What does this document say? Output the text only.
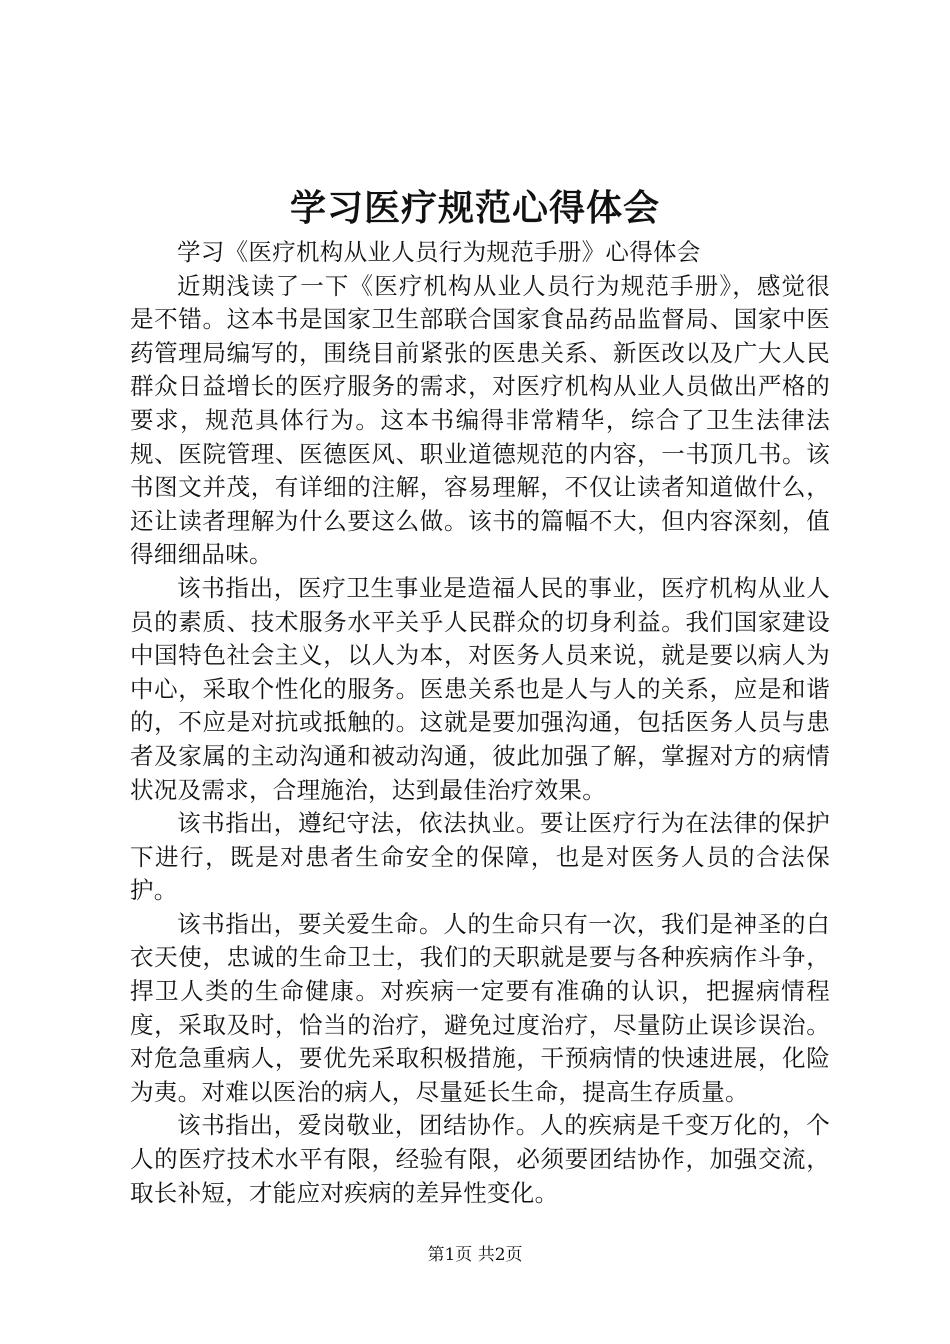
学习医疗规范心得体会

学习《医疗机构从业人员行为规范手册》心得体会

近期浅读了一下《医疗机构从业人员行为规范手册》，感觉很是不错。这本书是国家卫生部联合国家食品药品监督局、国家中医药管理局编写的，围绕目前紧张的医患关系、新医改以及广大人民群众日益增长的医疗服务的需求，对医疗机构从业人员做出严格的要求，规范具体行为。这本书编得非常精华，综合了卫生法律法规、医院管理、医德医风、职业道德规范的内容，一书顶几书。该书图文并茂，有详细的注解，容易理解，不仅让读者知道做什么，还让读者理解为什么要这么做。该书的篇幅不大，但内容深刻，值得细细品味。

该书指出，医疗卫生事业是造福人民的事业，医疗机构从业人员的素质、技术服务水平关乎人民群众的切身利益。我们国家建设中国特色社会主义，以人为本，对医务人员来说，就是要以病人为中心，采取个性化的服务。医患关系也是人与人的关系，应是和谐的，不应是对抗或抵触的。这就是要加强沟通，包括医务人员与患者及家属的主动沟通和被动沟通，彼此加强了解，掌握对方的病情状况及需求，合理施治，达到最佳治疗效果。

该书指出，遵纪守法，依法执业。要让医疗行为在法律的保护下进行，既是对患者生命安全的保障，也是对医务人员的合法保护。

该书指出，要关爱生命。人的生命只有一次，我们是神圣的白衣天使，忠诚的生命卫士，我们的天职就是要与各种疾病作斗争，捍卫人类的生命健康。对疾病一定要有准确的认识，把握病情程度，采取及时，恰当的治疗，避免过度治疗，尽量防止误诊误治。对危急重病人，要优先采取积极措施，干预病情的快速进展，化险为夷。对难以医治的病人，尽量延长生命，提高生存质量。

该书指出，爱岗敬业，团结协作。人的疾病是千变万化的，个人的医疗技术水平有限，经验有限，必须要团结协作，加强交流，取长补短，才能应对疾病的差异性变化。

第1页 共2页
